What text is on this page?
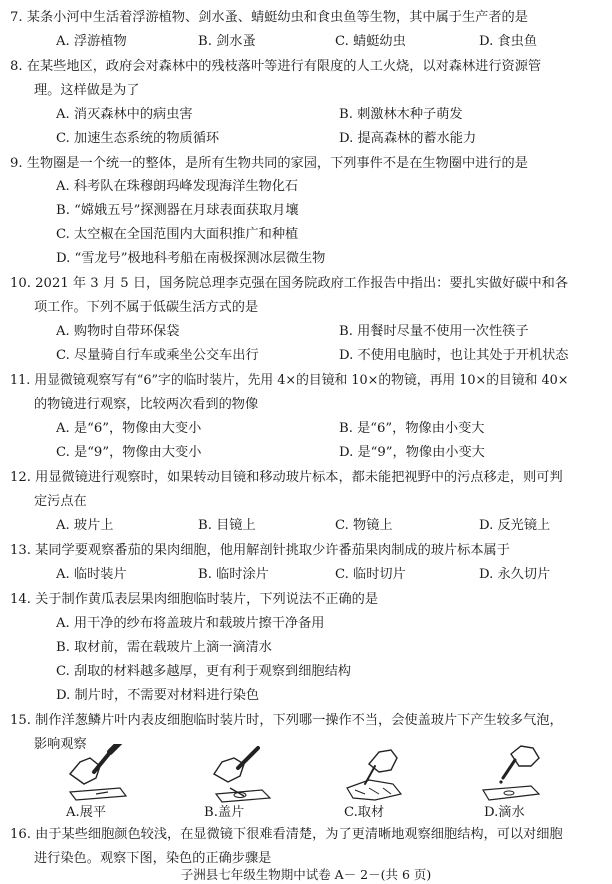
7. 某条小河中生活着浮游植物、剑水蚤、蜻蜓幼虫和食虫鱼等生物，其中属于生产者的是
A. 浮游植物	B. 剑水蚤	C. 蜻蜓幼虫	D. 食虫鱼
8. 在某些地区，政府会对森林中的残枝落叶等进行有限度的人工火烧，以对森林进行资源管
理。这样做是为了
A. 消灭森林中的病虫害	B. 刺激林木种子萌发
C. 加速生态系统的物质循环	D. 提高森林的蓄水能力
9. 生物圈是一个统一的整体，是所有生物共同的家园，下列事件不是在生物圈中进行的是
A. 科考队在珠穆朗玛峰发现海洋生物化石
B. “嫦娥五号”探测器在月球表面获取月壤
C. 太空椒在全国范围内大面积推广和种植
D. “雪龙号”极地科考船在南极探测冰层微生物
10. 2021 年 3 月 5 日，国务院总理李克强在国务院政府工作报告中指出：要扎实做好碳中和各
项工作。下列不属于低碳生活方式的是
A. 购物时自带环保袋	B. 用餐时尽量不使用一次性筷子
C. 尽量骑自行车或乘坐公交车出行	D. 不使用电脑时，也让其处于开机状态
11. 用显微镜观察写有“6”字的临时装片，先用 4×的目镜和 10×的物镜，再用 10×的目镜和 40×
的物镜进行观察，比较两次看到的物像
A. 是“6”，物像由大变小	B. 是“6”，物像由小变大
C. 是“9”，物像由大变小	D. 是“9”，物像由小变大
12. 用显微镜进行观察时，如果转动目镜和移动玻片标本，都未能把视野中的污点移走，则可判
定污点在
A. 玻片上	B. 目镜上	C. 物镜上	D. 反光镜上
13. 某同学要观察番茄的果肉细胞，他用解剖针挑取少许番茄果肉制成的玻片标本属于
A. 临时装片	B. 临时涂片	C. 临时切片	D. 永久切片
14. 关于制作黄瓜表层果肉细胞临时装片，下列说法不正确的是
A. 用干净的纱布将盖玻片和载玻片擦干净备用
B. 取材前，需在载玻片上滴一滴清水
C. 刮取的材料越多越厚，更有利于观察到细胞结构
D. 制片时，不需要对材料进行染色
15. 制作洋葱鳞片叶内表皮细胞临时装片时，下列哪一操作不当，会使盖玻片下产生较多气泡，
影响观察
A.展平	B.盖片	C.取材	D.滴水
16. 由于某些细胞颜色较浅，在显微镜下很难看清楚，为了更清晰地观察细胞结构，可以对细胞
进行染色。观察下图，染色的正确步骤是
子洲县七年级生物期中试卷 A－ 2－(共 6 页)
